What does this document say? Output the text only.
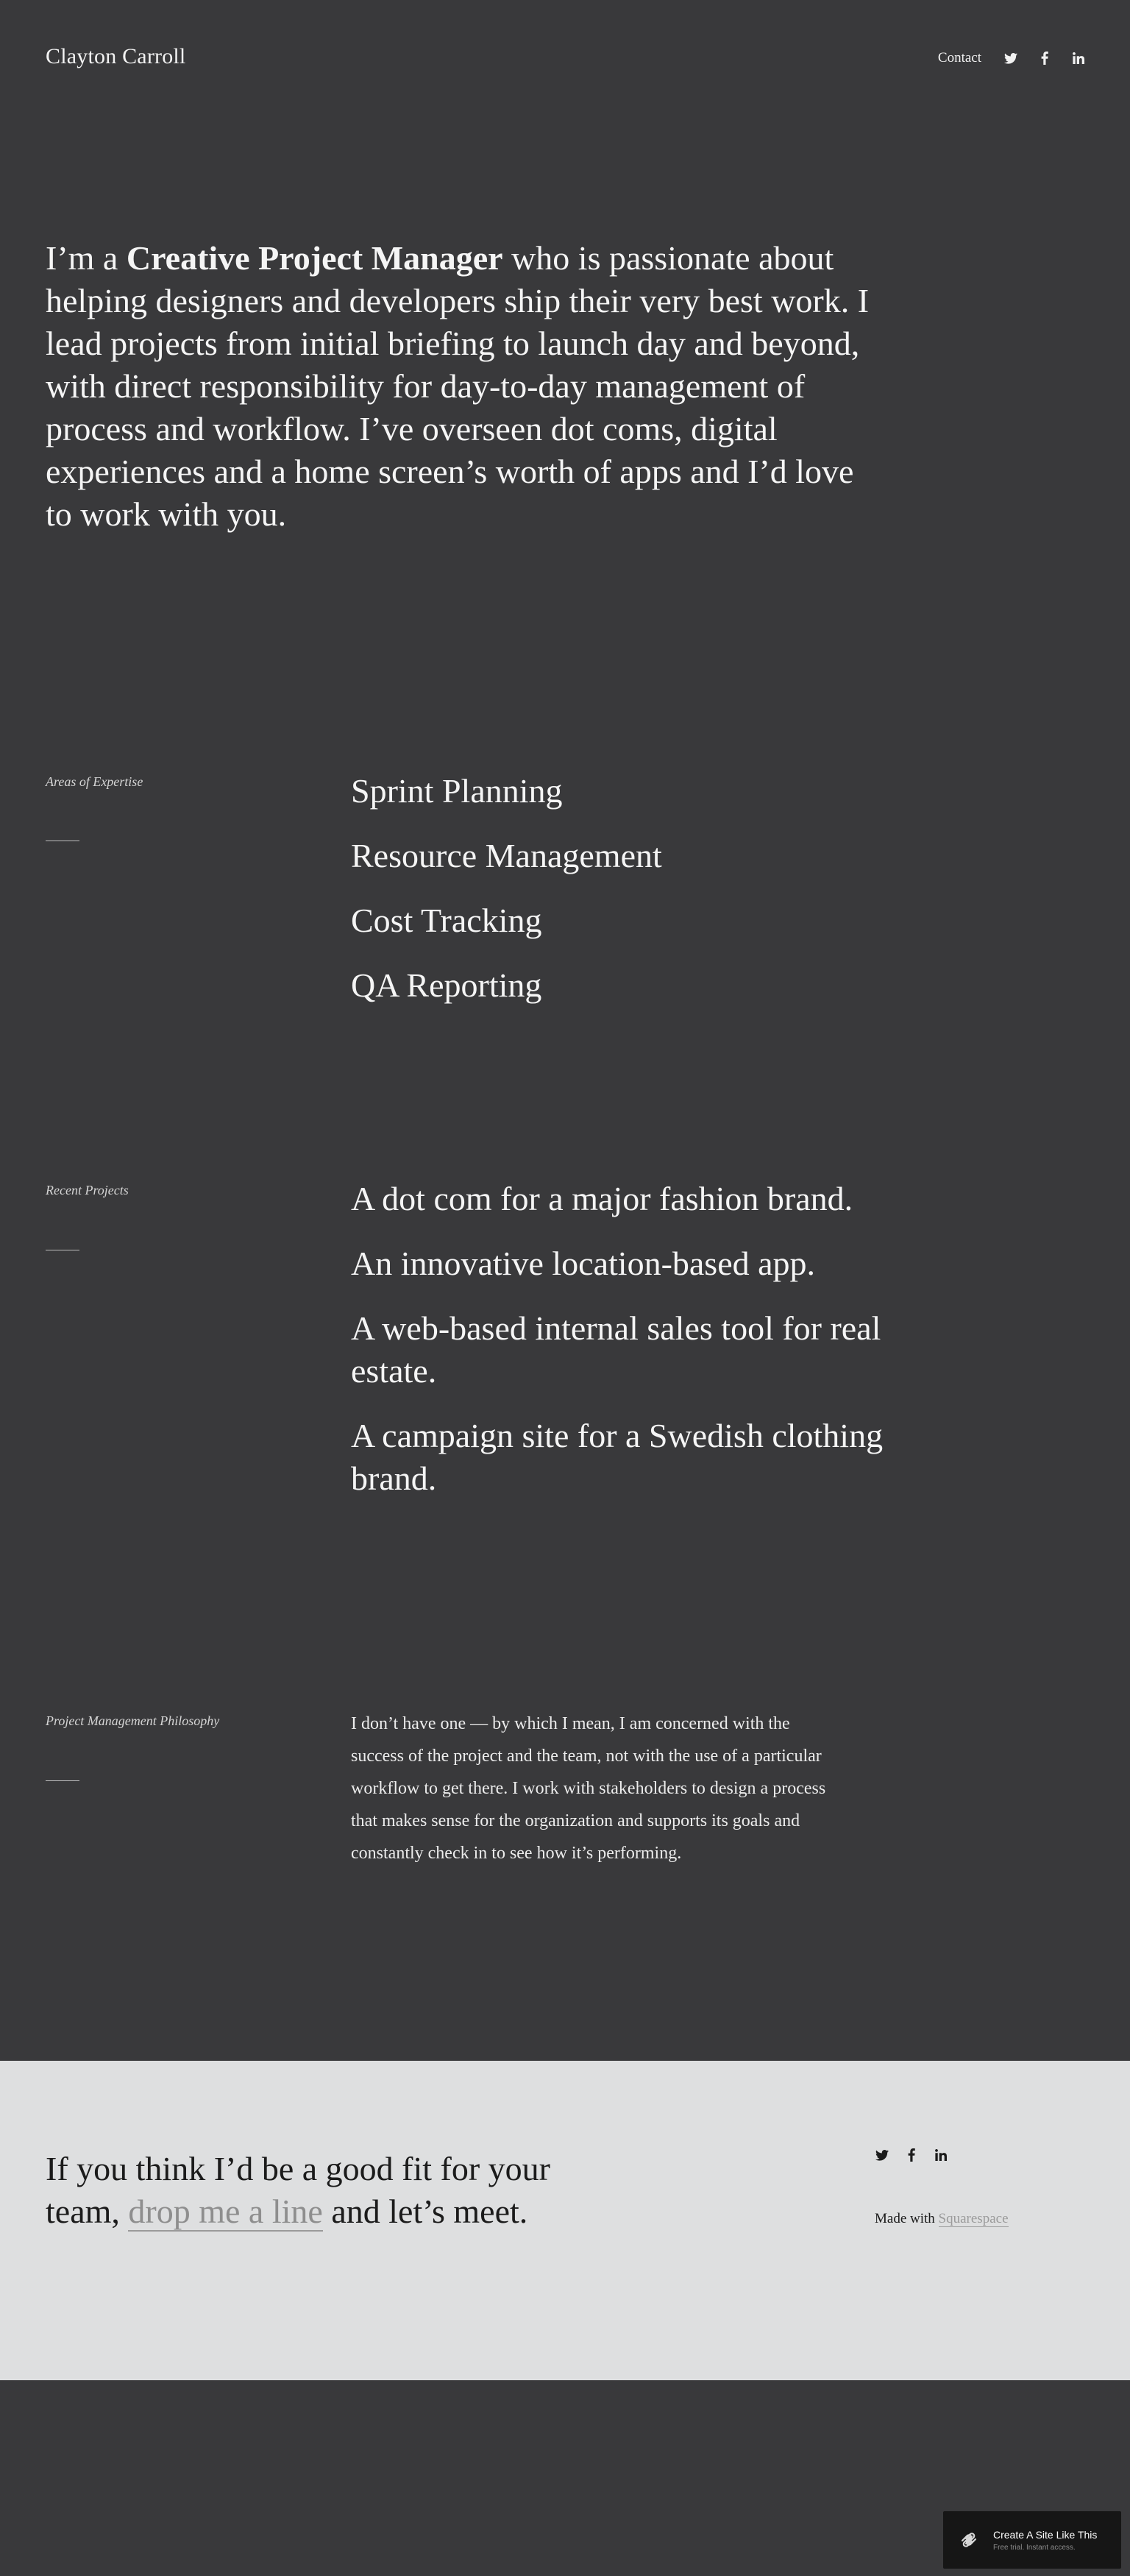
Clayton Carroll	Contact
I’m a Creative Project Manager who is passionate about helping designers and developers ship their very best work. I lead projects from initial briefing to launch day and beyond, with direct responsibility for day-to-day management of process and workflow. I’ve overseen dot coms, digital experiences and a home screen’s worth of apps and I’d love to work with you.

Areas of Expertise	Sprint Planning
Resource Management
Cost Tracking
QA Reporting

Recent Projects	A dot com for a major fashion brand.
An innovative location-based app.
A web-based internal sales tool for real estate.
A campaign site for a Swedish clothing brand.

Project Management Philosophy	I don’t have one — by which I mean, I am concerned with the success of the project and the team, not with the use of a particular workflow to get there. I work with stakeholders to design a process that makes sense for the organization and supports its goals and constantly check in to see how it’s performing.

If you think I’d be a good fit for your team, drop me a line and let’s meet.	Made with Squarespace

Create A Site Like This
Free trial. Instant access.
